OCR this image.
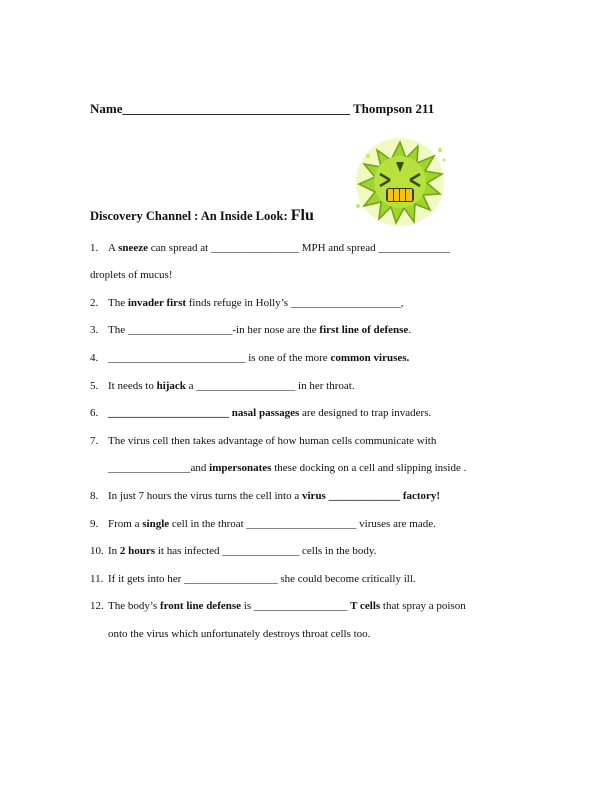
Name___________________________________ Thompson 211
Discovery Channel : An Inside Look: Flu
1. A sneeze can spread at ________________ MPH and spread _____________
droplets of mucus!
2. The invader first finds refuge in Holly’s ____________________,
3. The ___________________-in her nose are the first line of defense.
4. _________________________ is one of the more common viruses.
5. It needs to hijack a __________________ in her throat.
6. ______________________ nasal passages are designed to trap invaders.
7. The virus cell then takes advantage of how human cells communicate with
_______________and impersonates these docking on a cell and slipping inside .
8. In just 7 hours the virus turns the cell into a virus _____________ factory!
9. From a single cell in the throat ____________________ viruses are made.
10. In 2 hours it has infected ______________ cells in the body.
11. If it gets into her _________________ she could become critically ill.
12. The body’s front line defense is _________________ T cells that spray a poison
onto the virus which unfortunately destroys throat cells too.
